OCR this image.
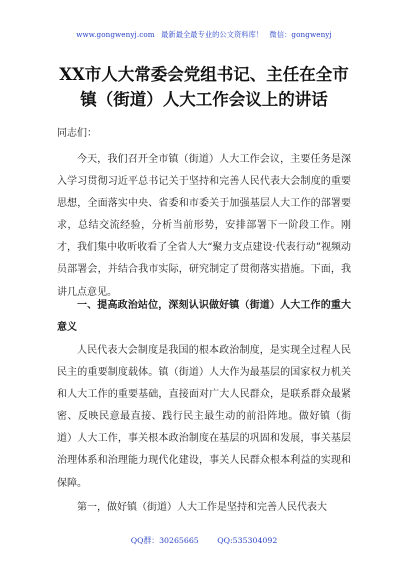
www.gongwenyj.com 最新最全最专业的公文资料库！ 微信：gongwenyj
XX市人大常委会党组书记、主任在全市镇（街道）人大工作会议上的讲话
同志们：
今天，我们召开全市镇（街道）人大工作会议，主要任务是深入学习贯彻习近平总书记关于坚持和完善人民代表大会制度的重要思想，全面落实中央、省委和市委关于加强基层人大工作的部署要求，总结交流经验，分析当前形势，安排部署下一阶段工作。刚才，我们集中收听收看了全省人大“聚力支点建设·代表行动”视频动员部署会，并结合我市实际，研究制定了贯彻落实措施。下面，我讲几点意见。
一、提高政治站位，深刻认识做好镇（街道）人大工作的重大意义
人民代表大会制度是我国的根本政治制度，是实现全过程人民民主的重要制度载体。镇（街道）人大作为最基层的国家权力机关和人大工作的重要基础，直接面对广大人民群众，是联系群众最紧密、反映民意最直接、践行民主最生动的前沿阵地。做好镇（街道）人大工作，事关根本政治制度在基层的巩固和发展，事关基层治理体系和治理能力现代化建设，事关人民群众根本利益的实现和保障。
第一，做好镇（街道）人大工作是坚持和完善人民代表大
QQ群：30265665 QQ:535304092
